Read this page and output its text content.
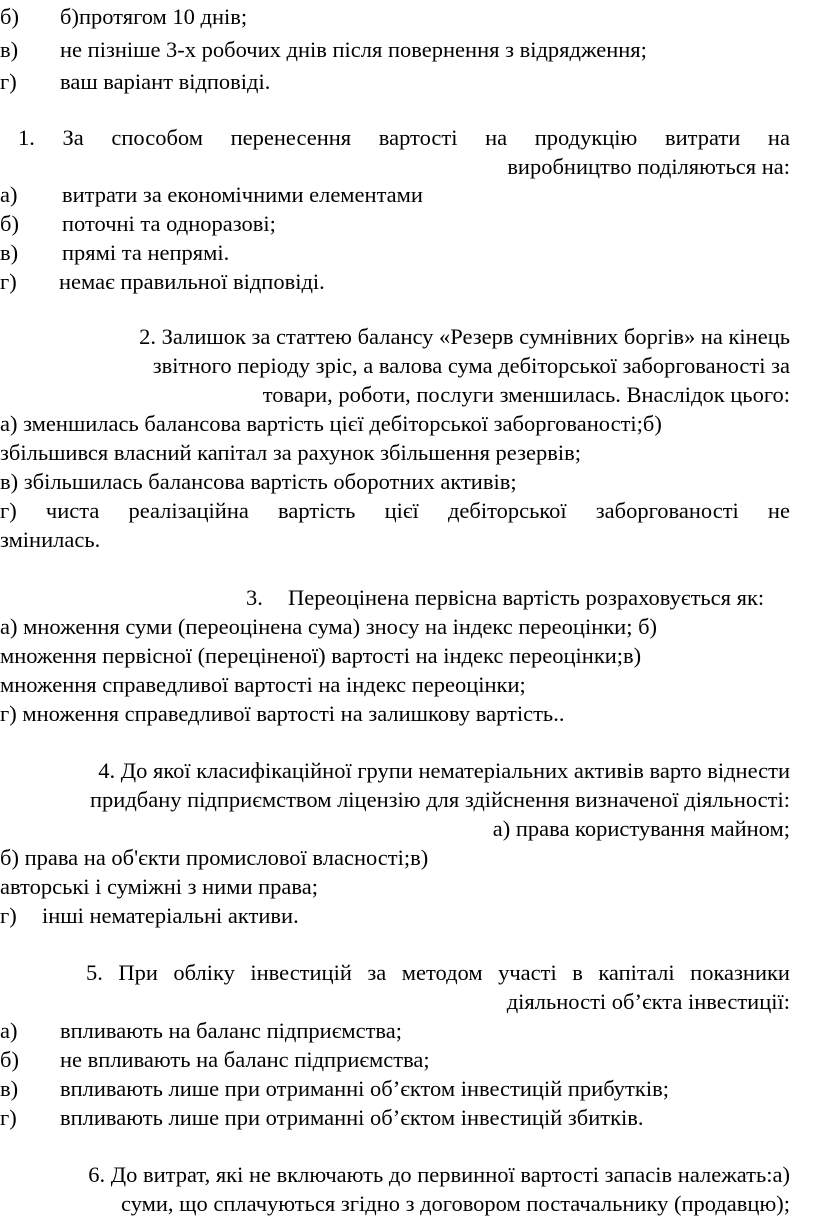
б) б)протягом 10 днів;
в) не пізніше 3-х робочих днів після повернення з відрядження;
г) ваш варіант відповіді.
1. За способом перенесення вартості на продукцію витрати на
виробництво поділяються на:
а) витрати за економічними елементами
б) поточні та одноразові;
в) прямі та непрямі.
г) немає правильної відповіді.
2. Залишок за статтею балансу «Резерв сумнівних боргів» на кінець
звітного періоду зріс, а валова сума дебіторської заборгованості за
товари, роботи, послуги зменшилась. Внаслідок цього:
а) зменшилась балансова вартість цієї дебіторської заборгованості;б)
збільшився власний капітал за рахунок збільшення резервів;
в) збільшилась балансова вартість оборотних активів;
г) чиста реалізаційна вартість цієї дебіторської заборгованості не
змінилась.
3. Переоцінена первісна вартість розраховується як:
а) множення суми (переоцінена сума) зносу на індекс переоцінки; б)
множення первісної (переціненої) вартості на індекс переоцінки;в)
множення справедливої вартості на індекс переоцінки;
г) множення справедливої вартості на залишкову вартість..
4. До якої класифікаційної групи нематеріальних активів варто віднести
придбану підприємством ліцензію для здійснення визначеної діяльності:
а) права користування майном;
б) права на об'єкти промислової власності;в)
авторські і суміжні з ними права;
г) інші нематеріальні активи.
5. При обліку інвестицій за методом участі в капіталі показники
діяльності об’єкта інвестиції:
а) впливають на баланс підприємства;
б) не впливають на баланс підприємства;
в) впливають лише при отриманні об’єктом інвестицій прибутків;
г) впливають лише при отриманні об’єктом інвестицій збитків.
6. До витрат, які не включають до первинної вартості запасів належать:а)
суми, що сплачуються згідно з договором постачальнику (продавцю);
